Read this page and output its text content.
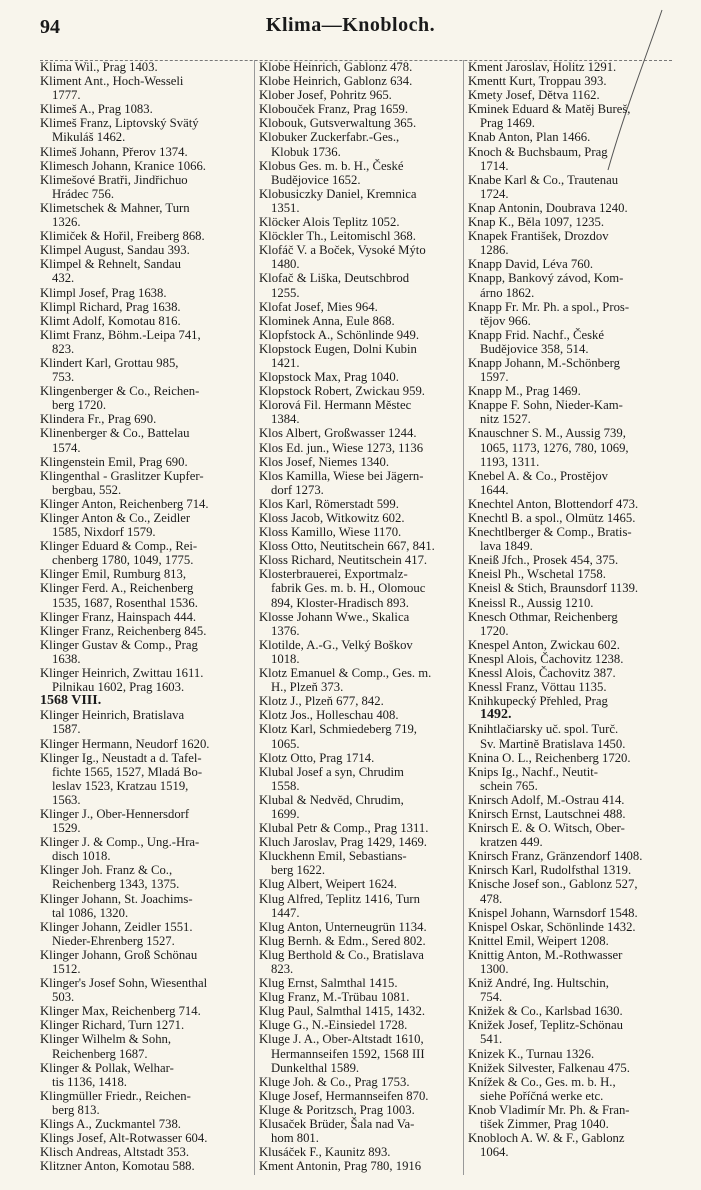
94	Klima—Knobloch.
Klima Wil., Prag 1403.
Kliment Ant., Hoch-Wesseli
1777.
Klimeš A., Prag 1083.
Klimeš Franz, Liptovský Svätý
Mikuláš 1462.
Klimeš Johann, Přerov 1374.
Klimesch Johann, Kranice 1066.
Klimešové Bratři, Jindřichuo
Hrádec 756.
Klimetschek & Mahner, Turn
1326.
Klimiček & Hořil, Freiberg 868.
Klimpel August, Sandau 393.
Klimpel & Rehnelt, Sandau
432.
Klimpl Josef, Prag 1638.
Klimpl Richard, Prag 1638.
Klimt Adolf, Komotau 816.
Klimt Franz, Böhm.-Leipa 741,
823.
Klindert Karl, Grottau 985,
753.
Klingenberger & Co., Reichen-
berg 1720.
Klindera Fr., Prag 690.
Klinenberger & Co., Battelau
1574.
Klingenstein Emil, Prag 690.
Klingenthal - Graslitzer Kupfer-
bergbau, 552.
Klinger Anton, Reichenberg 714.
Klinger Anton & Co., Zeidler
1585, Nixdorf 1579.
Klinger Eduard & Comp., Rei-
chenberg 1780, 1049, 1775.
Klinger Emil, Rumburg 813,
Klinger Ferd. A., Reichenberg
1535, 1687, Rosenthal 1536.
Klinger Franz, Hainspach 444.
Klinger Franz, Reichenberg 845.
Klinger Gustav & Comp., Prag
1638.
Klinger Heinrich, Zwittau 1611.
Pilnikau 1602, Prag 1603.
1568 VIII.
Klinger Heinrich, Bratislava
1587.
Klinger Hermann, Neudorf 1620.
Klinger Ig., Neustadt a d. Tafel-
fichte 1565, 1527, Mladá Bo-
leslav 1523, Kratzau 1519,
1563.
Klinger J., Ober-Hennersdorf
1529.
Klinger J. & Comp., Ung.-Hra-
disch 1018.
Klinger Joh. Franz & Co.,
Reichenberg 1343, 1375.
Klinger Johann, St. Joachims-
tal 1086, 1320.
Klinger Johann, Zeidler 1551.
Nieder-Ehrenberg 1527.
Klinger Johann, Groß Schönau
1512.
Klinger's Josef Sohn, Wiesenthal
503.
Klinger Max, Reichenberg 714.
Klinger Richard, Turn 1271.
Klinger Wilhelm & Sohn,
Reichenberg 1687.
Klinger & Pollak, Welhar-
tis 1136, 1418.
Klingmüller Friedr., Reichen-
berg 813.
Klings A., Zuckmantel 738.
Klings Josef, Alt-Rotwasser 604.
Klisch Andreas, Altstadt 353.
Klitzner Anton, Komotau 588.
Klobe Heinrich, Gablonz 478.
Klobe Heinrich, Gablonz 634.
Klober Josef, Pohritz 965.
Klobouček Franz, Prag 1659.
Klobouk, Gutsverwaltung 365.
Klobuker Zuckerfabr.-Ges.,
Klobuk 1736.
Klobus Ges. m. b. H., České
Budějovice 1652.
Klobusiczky Daniel, Kremnica
1351.
Klöcker Alois Teplitz 1052.
Klöckler Th., Leitomischl 368.
Klofáč V. a Boček, Vysoké Mýto
1480.
Klofač & Liška, Deutschbrod
1255.
Klofat Josef, Mies 964.
Klominek Anna, Eule 868.
Klopfstock A., Schönlinde 949.
Klopstock Eugen, Dolni Kubin
1421.
Klopstock Max, Prag 1040.
Klopstock Robert, Zwickau 959.
Klorová Fil. Hermann Městec
1384.
Klos Albert, Großwasser 1244.
Klos Ed. jun., Wiese 1273, 1136
Klos Josef, Niemes 1340.
Klos Kamilla, Wiese bei Jägern-
dorf 1273.
Klos Karl, Römerstadt 599.
Kloss Jacob, Witkowitz 602.
Kloss Kamillo, Wiese 1170.
Kloss Otto, Neutitschein 667, 841.
Kloss Richard, Neutitschein 417.
Klosterbrauerei, Exportmalz-
fabrik Ges. m. b. H., Olomouc
894, Kloster-Hradisch 893.
Klosse Johann Wwe., Skalica
1376.
Klotilde, A.-G., Velký Boškov
1018.
Klotz Emanuel & Comp., Ges. m.
H., Plzeň 373.
Klotz J., Plzeň 677, 842.
Klotz Jos., Holleschau 408.
Klotz Karl, Schmiedeberg 719,
1065.
Klotz Otto, Prag 1714.
Klubal Josef a syn, Chrudim
1558.
Klubal & Nedvěd, Chrudim,
1699.
Klubal Petr & Comp., Prag 1311.
Kluch Jaroslav, Prag 1429, 1469.
Kluckhenn Emil, Sebastians-
berg 1622.
Klug Albert, Weipert 1624.
Klug Alfred, Teplitz 1416, Turn
1447.
Klug Anton, Unterneugrün 1134.
Klug Bernh. & Edm., Sered 802.
Klug Berthold & Co., Bratislava
823.
Klug Ernst, Salmthal 1415.
Klug Franz, M.-Trübau 1081.
Klug Paul, Salmthal 1415, 1432.
Kluge G., N.-Einsiedel 1728.
Kluge J. A., Ober-Altstadt 1610,
Hermannseifen 1592, 1568 III
Dunkelthal 1589.
Kluge Joh. & Co., Prag 1753.
Kluge Josef, Hermannseifen 870.
Kluge & Poritzsch, Prag 1003.
Klusaček Brüder, Šala nad Va-
hom 801.
Klusáček F., Kaunitz 893.
Kment Antonin, Prag 780, 1916
Kment Jaroslav, Holitz 1291.
Kmentt Kurt, Troppau 393.
Kmety Josef, Dětva 1162.
Kminek Eduard & Matěj Bureš,
Prag 1469.
Knab Anton, Plan 1466.
Knoch & Buchsbaum, Prag
1714.
Knabe Karl & Co., Trautenau
1724.
Knap Antonin, Doubrava 1240.
Knap K., Běla 1097, 1235.
Knapek František, Drozdov
1286.
Knapp David, Léva 760.
Knapp, Bankový závod, Kom-
árno 1862.
Knapp Fr. Mr. Ph. a spol., Pros-
tějov 966.
Knapp Frid. Nachf., České
Budějovice 358, 514.
Knapp Johann, M.-Schönberg
1597.
Knapp M., Prag 1469.
Knappe F. Sohn, Nieder-Kam-
nitz 1527.
Knauschner S. M., Aussig 739,
1065, 1173, 1276, 780, 1069,
1193, 1311.
Knebel A. & Co., Prostějov
1644.
Knechtel Anton, Blottendorf 473.
Knechtl B. a spol., Olmütz 1465.
Knechtlberger & Comp., Bratis-
lava 1849.
Kneiß Jfch., Prosek 454, 375.
Kneisl Ph., Wschetal 1758.
Kneisl & Stich, Braunsdorf 1139.
Kneissl R., Aussig 1210.
Knesch Othmar, Reichenberg
1720.
Knespel Anton, Zwickau 602.
Knespl Alois, Čachovitz 1238.
Knessl Alois, Čachovitz 387.
Knessl Franz, Vöttau 1135.
Knihkupecký Přehled, Prag
1492.
Knihtlačiarsky uč. spol. Turč.
Sv. Martině Bratislava 1450.
Knina O. L., Reichenberg 1720.
Knips Ig., Nachf., Neutit-
schein 765.
Knirsch Adolf, M.-Ostrau 414.
Knirsch Ernst, Lautschnei 488.
Knirsch E. & O. Witsch, Ober-
kratzen 449.
Knirsch Franz, Gränzendorf 1408.
Knirsch Karl, Rudolfsthal 1319.
Knische Josef son., Gablonz 527,
478.
Knispel Johann, Warnsdorf 1548.
Knispel Oskar, Schönlinde 1432.
Knittel Emil, Weipert 1208.
Knittig Anton, M.-Rothwasser
1300.
Kniž André, Ing. Hultschin,
754.
Knižek & Co., Karlsbad 1630.
Knižek Josef, Teplitz-Schönau
541.
Knizek K., Turnau 1326.
Knižek Silvester, Falkenau 475.
Knížek & Co., Ges. m. b. H.,
siehe Poříčná werke etc.
Knob Vladimír Mr. Ph. & Fran-
tišek Zimmer, Prag 1040.
Knobloch A. W. & F., Gablonz
1064.
